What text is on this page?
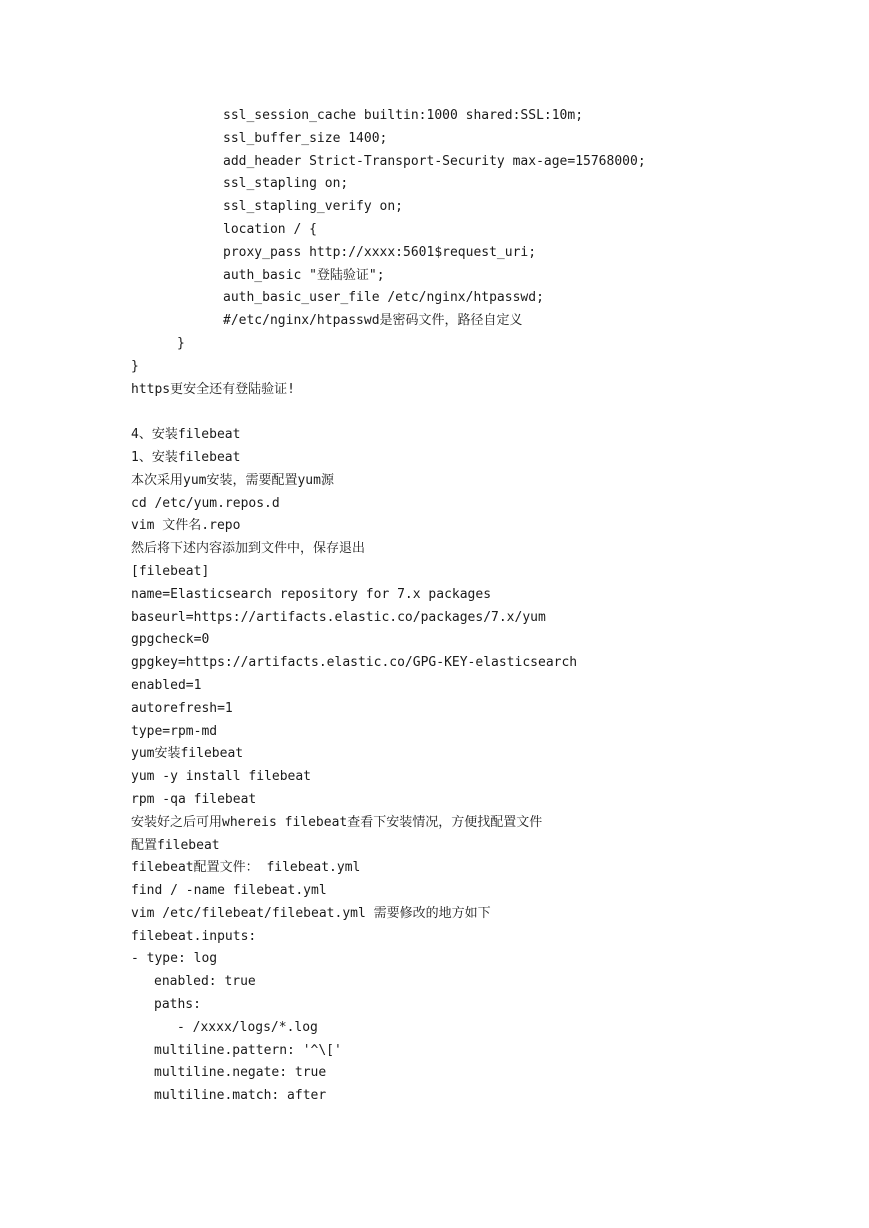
ssl_session_cache builtin:1000 shared:SSL:10m;
ssl_buffer_size 1400;
add_header Strict-Transport-Security max-age=15768000;
ssl_stapling on;
ssl_stapling_verify on;
location / {
proxy_pass http://xxxx:5601$request_uri;
auth_basic "登陆验证";
auth_basic_user_file /etc/nginx/htpasswd;
#/etc/nginx/htpasswd是密码文件，路径自定义
}
}
https更安全还有登陆验证!
4、安装filebeat
1、安装filebeat
本次采用yum安装，需要配置yum源
cd /etc/yum.repos.d
vim 文件名.repo
然后将下述内容添加到文件中，保存退出
[filebeat]
name=Elasticsearch repository for 7.x packages
baseurl=https://artifacts.elastic.co/packages/7.x/yum
gpgcheck=0
gpgkey=https://artifacts.elastic.co/GPG-KEY-elasticsearch
enabled=1
autorefresh=1
type=rpm-md
yum安装filebeat
yum -y install filebeat
rpm -qa filebeat
安装好之后可用whereis filebeat查看下安装情况，方便找配置文件
配置filebeat
filebeat配置文件： filebeat.yml
find / -name filebeat.yml
vim /etc/filebeat/filebeat.yml 需要修改的地方如下
filebeat.inputs:
- type: log
enabled: true
paths:
- /xxxx/logs/*.log
multiline.pattern: '^\['
multiline.negate: true
multiline.match: after
